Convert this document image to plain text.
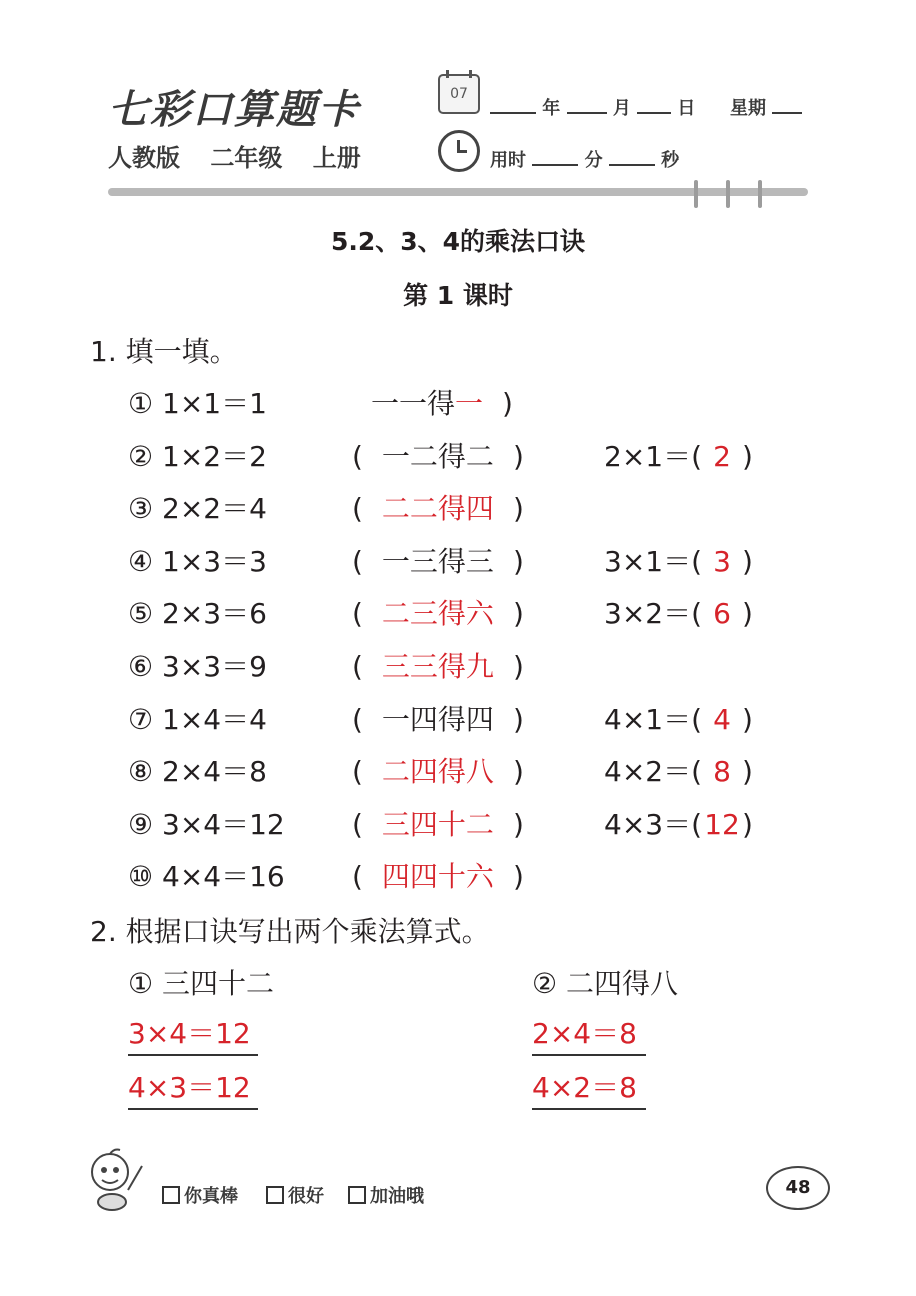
七彩口算题卡
人教版 二年级 上册
07
年	月	日 星期
用时	分	秒
5.2、3、4的乘法口诀
第 1 课时
1. 填一填。
① 1×1＝1	一一得一 )
② 1×2＝2	( 一二得二 )	2×1＝( 2 )
③ 2×2＝4	( 二二得四 )
④ 1×3＝3	( 一三得三 )	3×1＝( 3 )
⑤ 2×3＝6	( 二三得六 )	3×2＝( 6 )
⑥ 3×3＝9	( 三三得九 )
⑦ 1×4＝4	( 一四得四 )	4×1＝( 4 )
⑧ 2×4＝8	( 二四得八 )	4×2＝( 8 )
⑨ 3×4＝12 ( 三四十二 )	4×3＝(12)
⑩ 4×4＝16 ( 四四十六 )
2. 根据口诀写出两个乘法算式。
① 三四十二	② 二四得八
3×4＝12
4×3＝12
2×4＝8
4×2＝8
你真棒	很好	加油哦	48
